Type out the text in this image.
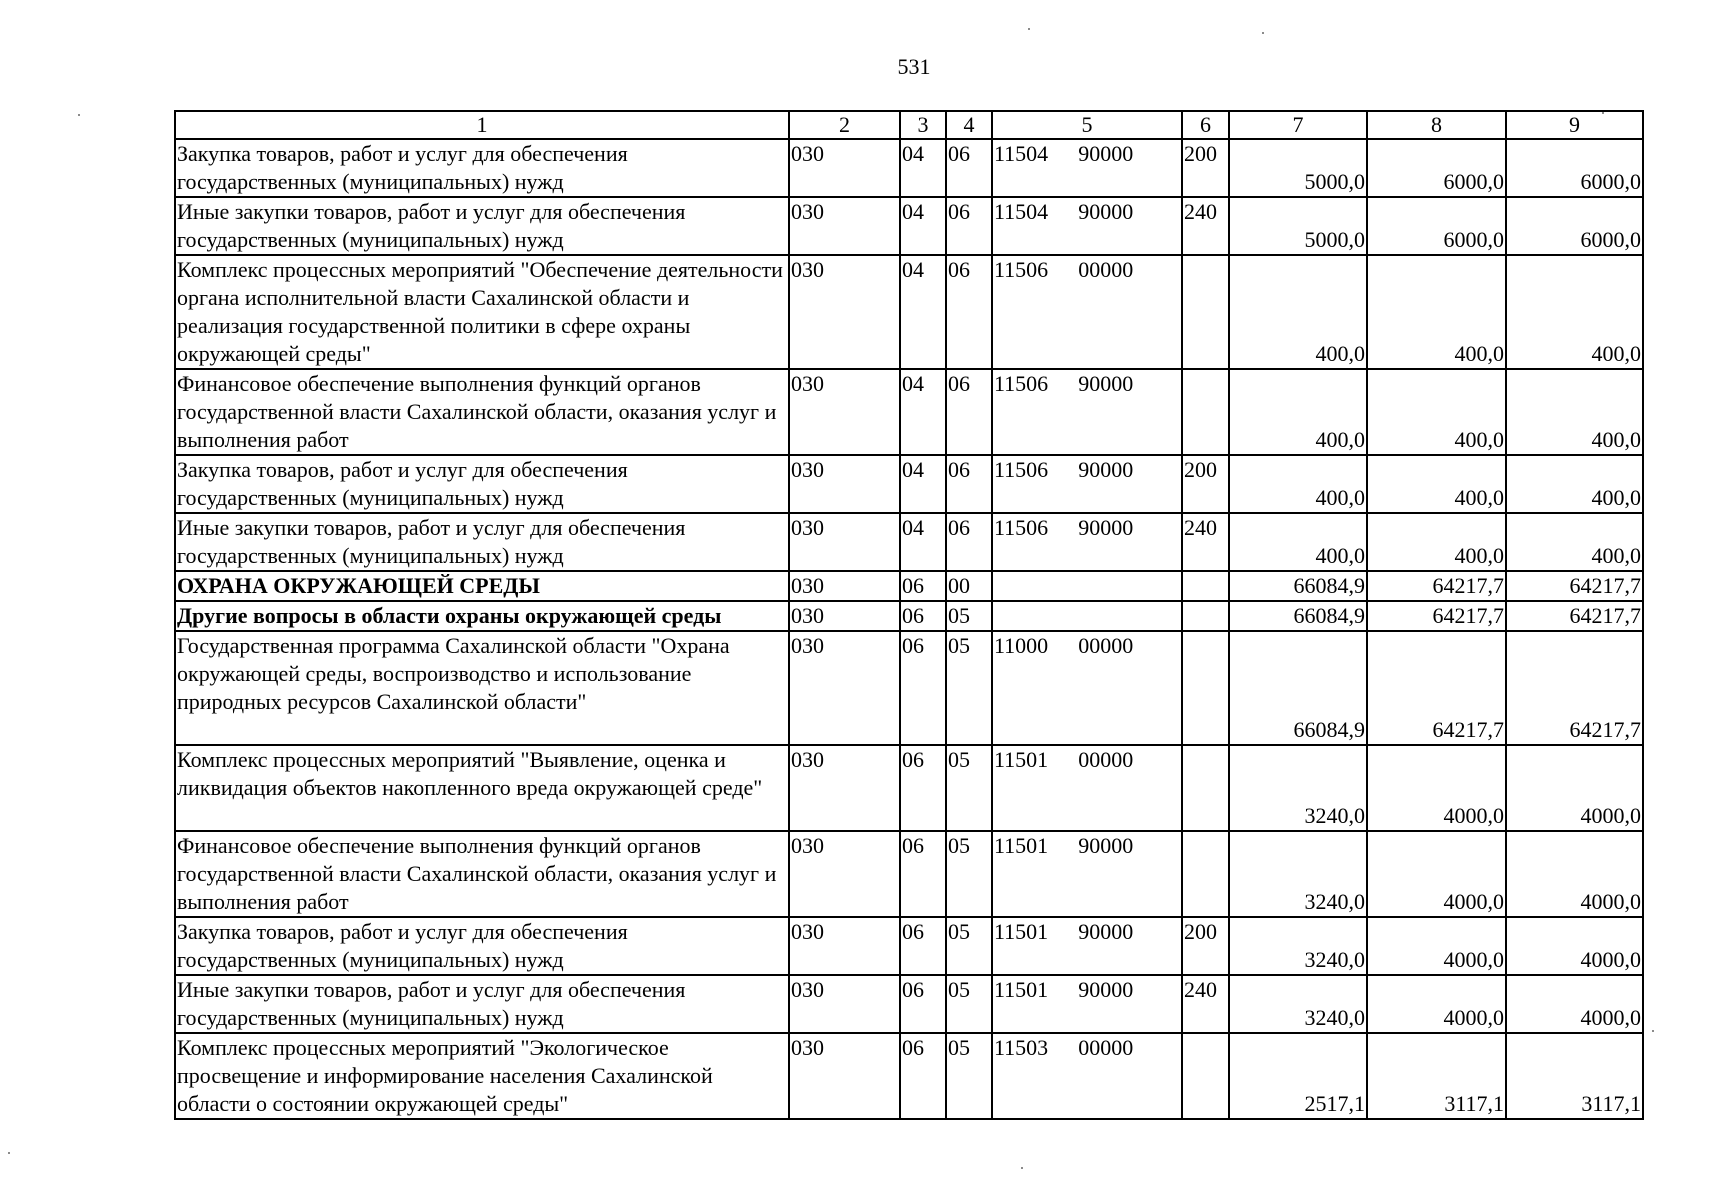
531
1	2	3	4	5	6	7	8	9
Закупка товаров, работ и услуг для обеспечения государственных (муниципальных) нужд	030	04	06	11504 90000	200	5000,0	6000,0	6000,0
Иные закупки товаров, работ и услуг для обеспечения государственных (муниципальных) нужд	030	04	06	11504 90000	240	5000,0	6000,0	6000,0
Комплекс процессных мероприятий "Обеспечение деятельности органа исполнительной власти Сахалинской области и реализация государственной политики в сфере охраны окружающей среды"	030	04	06	11506 00000		400,0	400,0	400,0
Финансовое обеспечение выполнения функций органов государственной власти Сахалинской области, оказания услуг и выполнения работ	030	04	06	11506 90000		400,0	400,0	400,0
Закупка товаров, работ и услуг для обеспечения государственных (муниципальных) нужд	030	04	06	11506 90000	200	400,0	400,0	400,0
Иные закупки товаров, работ и услуг для обеспечения государственных (муниципальных) нужд	030	04	06	11506 90000	240	400,0	400,0	400,0
ОХРАНА ОКРУЖАЮЩЕЙ СРЕДЫ	030	06	00			66084,9	64217,7	64217,7
Другие вопросы в области охраны окружающей среды	030	06	05			66084,9	64217,7	64217,7
Государственная программа Сахалинской области "Охрана окружающей среды, воспроизводство и использование природных ресурсов Сахалинской области"	030	06	05	11000 00000		66084,9	64217,7	64217,7
Комплекс процессных мероприятий "Выявление, оценка и ликвидация объектов накопленного вреда окружающей среде"	030	06	05	11501 00000		3240,0	4000,0	4000,0
Финансовое обеспечение выполнения функций органов государственной власти Сахалинской области, оказания услуг и выполнения работ	030	06	05	11501 90000		3240,0	4000,0	4000,0
Закупка товаров, работ и услуг для обеспечения государственных (муниципальных) нужд	030	06	05	11501 90000	200	3240,0	4000,0	4000,0
Иные закупки товаров, работ и услуг для обеспечения государственных (муниципальных) нужд	030	06	05	11501 90000	240	3240,0	4000,0	4000,0
Комплекс процессных мероприятий "Экологическое просвещение и информирование населения Сахалинской области о состоянии окружающей среды"	030	06	05	11503 00000		2517,1	3117,1	3117,1
